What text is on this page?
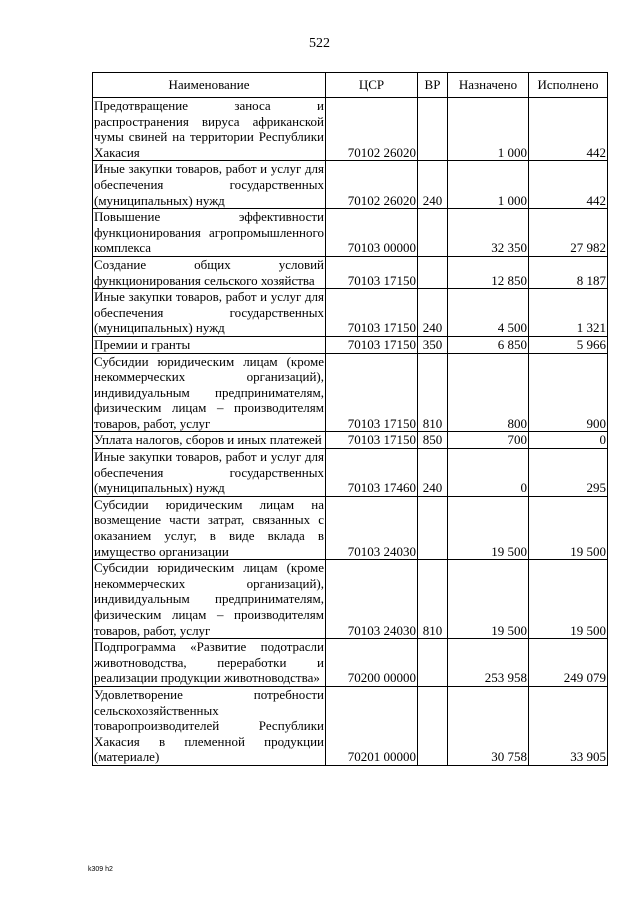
522
Наименование	ЦСР	ВР	Назначено	Исполнено
Предотвращение заноса и распространения вируса африканской чумы свиней на территории Республики Хакасия	70102 26020		1 000	442
Иные закупки товаров, работ и услуг для обеспечения государственных (муниципальных) нужд	70102 26020	240	1 000	442
Повышение эффективности функционирования агропромышленного комплекса	70103 00000		32 350	27 982
Создание общих условий функционирования сельского хозяйства	70103 17150		12 850	8 187
Иные закупки товаров, работ и услуг для обеспечения государственных (муниципальных) нужд	70103 17150	240	4 500	1 321
Премии и гранты	70103 17150	350	6 850	5 966
Субсидии юридическим лицам (кроме некоммерческих организаций), индивидуальным предпринимателям, физическим лицам – производителям товаров, работ, услуг	70103 17150	810	800	900
Уплата налогов, сборов и иных платежей	70103 17150	850	700	0
Иные закупки товаров, работ и услуг для обеспечения государственных (муниципальных) нужд	70103 17460	240	0	295
Субсидии юридическим лицам на возмещение части затрат, связанных с оказанием услуг, в виде вклада в имущество организации	70103 24030		19 500	19 500
Субсидии юридическим лицам (кроме некоммерческих организаций), индивидуальным предпринимателям, физическим лицам – производителям товаров, работ, услуг	70103 24030	810	19 500	19 500
Подпрограмма «Развитие подотрасли животноводства, переработки и реализации продукции животноводства»	70200 00000		253 958	249 079
Удовлетворение потребности сельскохозяйственных товаропроизводителей Республики Хакасия в племенной продукции (материале)	70201 00000		30 758	33 905
k309 h2
